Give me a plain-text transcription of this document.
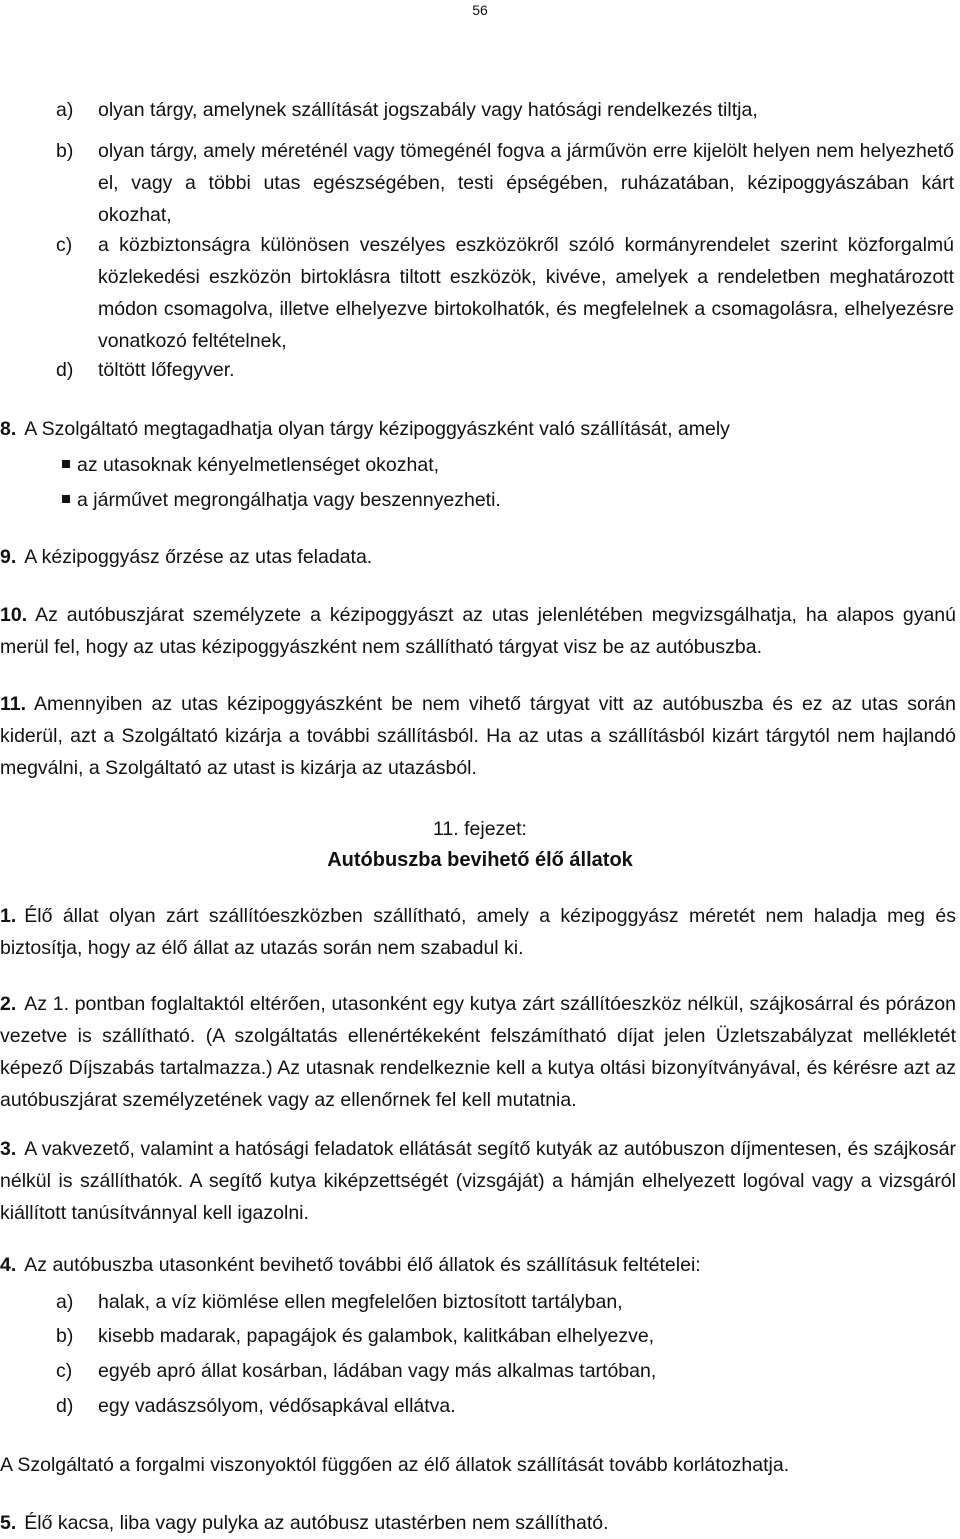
56
a) olyan tárgy, amelynek szállítását jogszabály vagy hatósági rendelkezés tiltja,
b) olyan tárgy, amely méreténél vagy tömegénél fogva a járművön erre kijelölt helyen nem helyezhető el, vagy a többi utas egészségében, testi épségében, ruházatában, kézipoggyászában kárt okozhat,
c) a közbiztonságra különösen veszélyes eszközökről szóló kormányrendelet szerint közforgalmú közlekedési eszközön birtoklásra tiltott eszközök, kivéve, amelyek a rendeletben meghatározott módon csomagolva, illetve elhelyezve birtokolhatók, és megfelelnek a csomagolásra, elhelyezésre vonatkozó feltételnek,
d) töltött lőfegyver.
8. A Szolgáltató megtagadhatja olyan tárgy kézipoggyászként való szállítását, amely
az utasoknak kényelmetlenséget okozhat,
a járművet megrongálhatja vagy beszennyezheti.
9. A kézipoggyász őrzése az utas feladata.
10. Az autóbuszjárat személyzete a kézipoggyászt az utas jelenlétében megvizsgálhatja, ha alapos gyanú merül fel, hogy az utas kézipoggyászként nem szállítható tárgyat visz be az autóbuszba.
11. Amennyiben az utas kézipoggyászként be nem vihető tárgyat vitt az autóbuszba és ez az utas során kiderül, azt a Szolgáltató kizárja a további szállításból. Ha az utas a szállításból kizárt tárgytól nem hajlandó megválni, a Szolgáltató az utast is kizárja az utazásból.
11. fejezet:
Autóbuszba bevihető élő állatok
1. Élő állat olyan zárt szállítóeszközben szállítható, amely a kézipoggyász méretét nem haladja meg és biztosítja, hogy az élő állat az utazás során nem szabadul ki.
2. Az 1. pontban foglaltaktól eltérően, utasonként egy kutya zárt szállítóeszköz nélkül, szájkosárral és pórázon vezetve is szállítható. (A szolgáltatás ellenértékeként felszámítható díjat jelen Üzletszabályzat mellékletét képező Díjszabás tartalmazza.) Az utasnak rendelkeznie kell a kutya oltási bizonyítványával, és kérésre azt az autóbuszjárat személyzetének vagy az ellenőrnek fel kell mutatnia.
3. A vakvezető, valamint a hatósági feladatok ellátását segítő kutyák az autóbuszon díjmentesen, és szájkosár nélkül is szállíthatók. A segítő kutya kiképzettségét (vizsgáját) a hámján elhelyezett logóval vagy a vizsgáról kiállított tanúsítvánnyal kell igazolni.
4. Az autóbuszba utasonként bevihető további élő állatok és szállításuk feltételei:
a) halak, a víz kiömlése ellen megfelelően biztosított tartályban,
b) kisebb madarak, papagájok és galambok, kalitkában elhelyezve,
c) egyéb apró állat kosárban, ládában vagy más alkalmas tartóban,
d) egy vadászsólyom, védősapkával ellátva.
A Szolgáltató a forgalmi viszonyoktól függően az élő állatok szállítását tovább korlátozhatja.
5. Élő kacsa, liba vagy pulyka az autóbusz utastérben nem szállítható.
